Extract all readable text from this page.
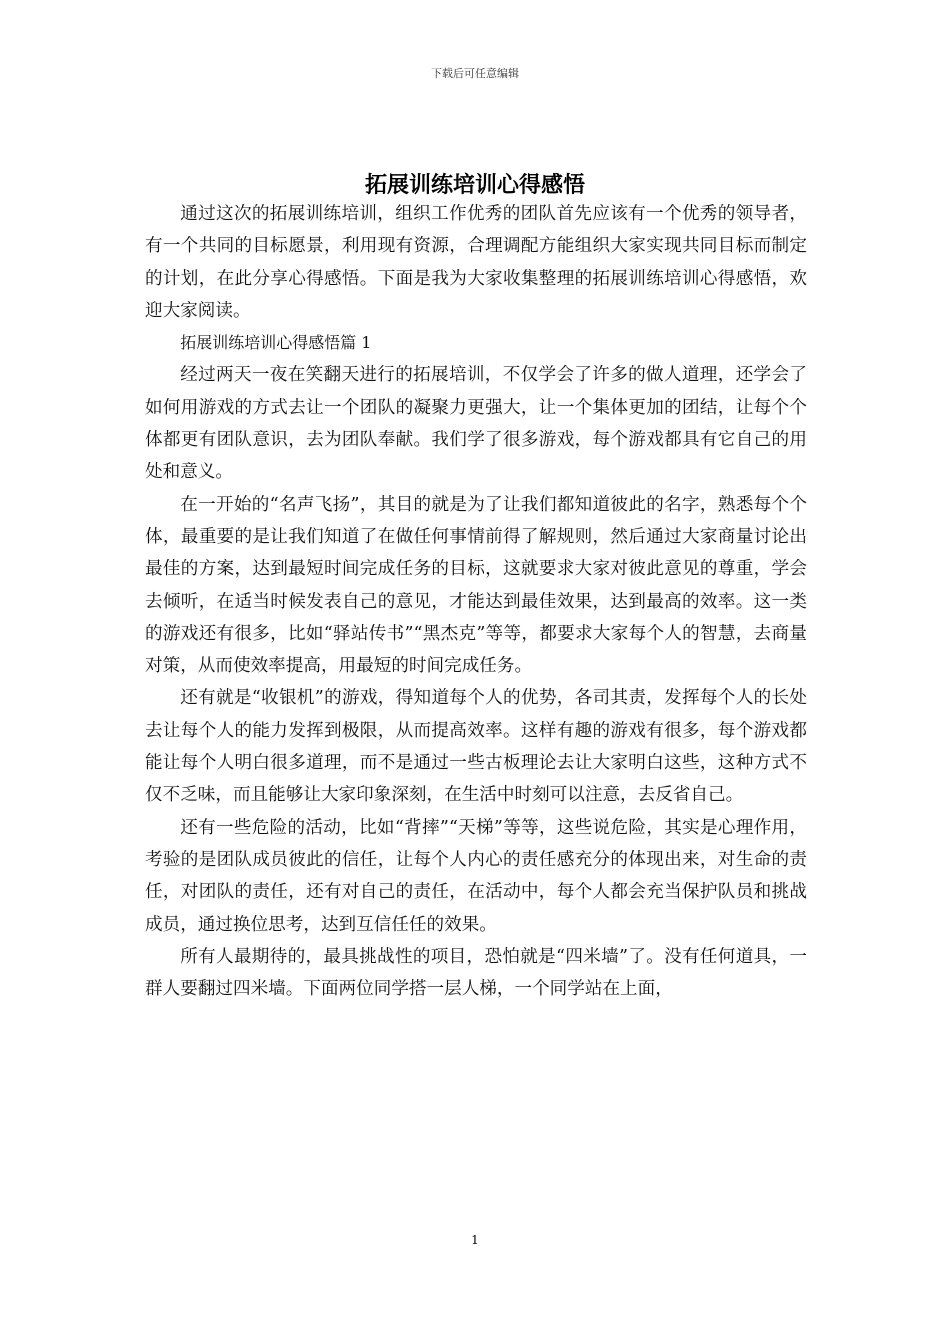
下载后可任意编辑
拓展训练培训心得感悟

通过这次的拓展训练培训，组织工作优秀的团队首先应该有一个优秀的领导者，有一个共同的目标愿景，利用现有资源，合理调配方能组织大家实现共同目标而制定的计划，在此分享心得感悟。下面是我为大家收集整理的拓展训练培训心得感悟，欢迎大家阅读。

拓展训练培训心得感悟篇 1

经过两天一夜在笑翻天进行的拓展培训，不仅学会了许多的做人道理，还学会了如何用游戏的方式去让一个团队的凝聚力更强大，让一个集体更加的团结，让每个个体都更有团队意识，去为团队奉献。我们学了很多游戏，每个游戏都具有它自己的用处和意义。

在一开始的“名声飞扬”，其目的就是为了让我们都知道彼此的名字，熟悉每个个体，最重要的是让我们知道了在做任何事情前得了解规则，然后通过大家商量讨论出最佳的方案，达到最短时间完成任务的目标，这就要求大家对彼此意见的尊重，学会去倾听，在适当时候发表自己的意见，才能达到最佳效果，达到最高的效率。这一类的游戏还有很多，比如“驿站传书”“黑杰克”等等，都要求大家每个人的智慧，去商量对策，从而使效率提高，用最短的时间完成任务。

还有就是“收银机”的游戏，得知道每个人的优势，各司其责，发挥每个人的长处去让每个人的能力发挥到极限，从而提高效率。这样有趣的游戏有很多，每个游戏都能让每个人明白很多道理，而不是通过一些古板理论去让大家明白这些，这种方式不仅不乏味，而且能够让大家印象深刻，在生活中时刻可以注意，去反省自己。

还有一些危险的活动，比如“背摔”“天梯”等等，这些说危险，其实是心理作用，考验的是团队成员彼此的信任，让每个人内心的责任感充分的体现出来，对生命的责任，对团队的责任，还有对自己的责任，在活动中，每个人都会充当保护队员和挑战成员，通过换位思考，达到互信任任的效果。

所有人最期待的，最具挑战性的项目，恐怕就是“四米墙”了。没有任何道具，一群人要翻过四米墙。下面两位同学搭一层人梯，一个同学站在上面，

1
